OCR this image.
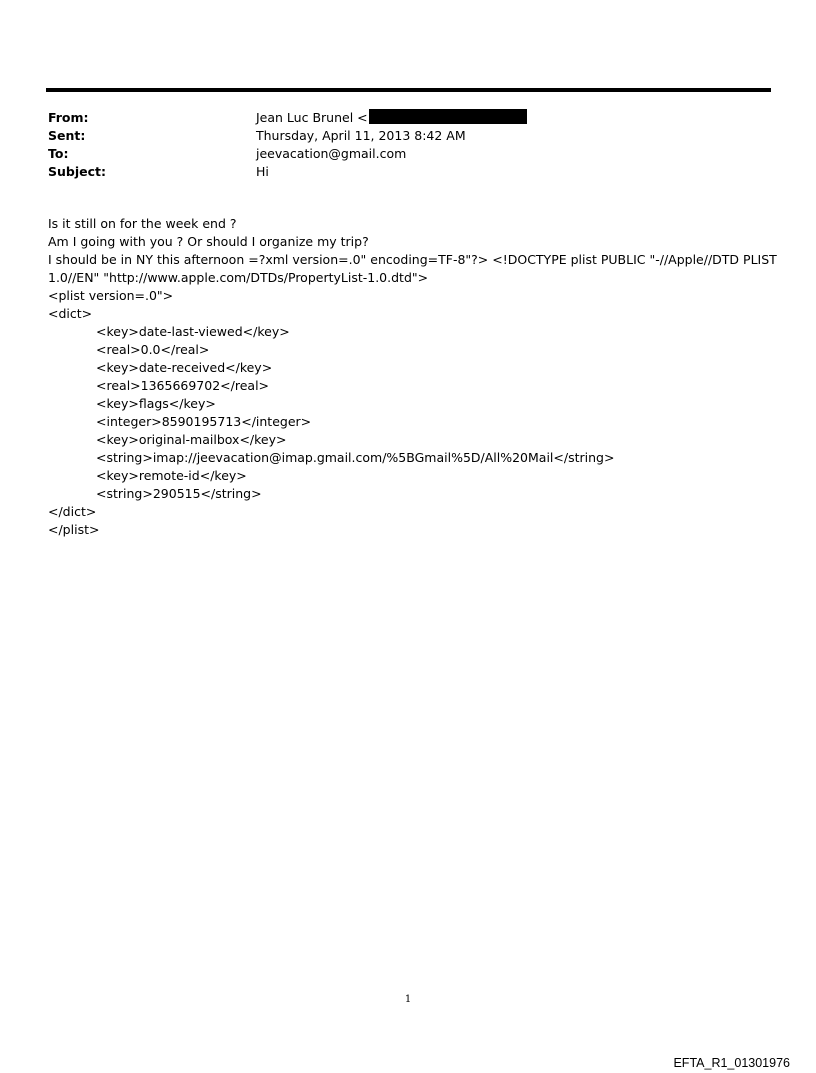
From:	Jean Luc Brunel <
Sent:	Thursday, April 11, 2013 8:42 AM
To:	jeevacation@gmail.com
Subject:	Hi
Is it still on for the week end ?
Am I going with you ? Or should I organize my trip?
I should be in NY this afternoon =?xml version=.0" encoding=TF-8"?> <!DOCTYPE plist PUBLIC "-//Apple//DTD PLIST
1.0//EN" "http://www.apple.com/DTDs/PropertyList-1.0.dtd">
<plist version=.0">
<dict>
<key>date-last-viewed</key>
<real>0.0</real>
<key>date-received</key>
<real>1365669702</real>
<key>flags</key>
<integer>8590195713</integer>
<key>original-mailbox</key>
<string>imap://jeevacation@imap.gmail.com/%5BGmail%5D/All%20Mail</string>
<key>remote-id</key>
<string>290515</string>
</dict>
</plist>
1
EFTA_R1_01301976
